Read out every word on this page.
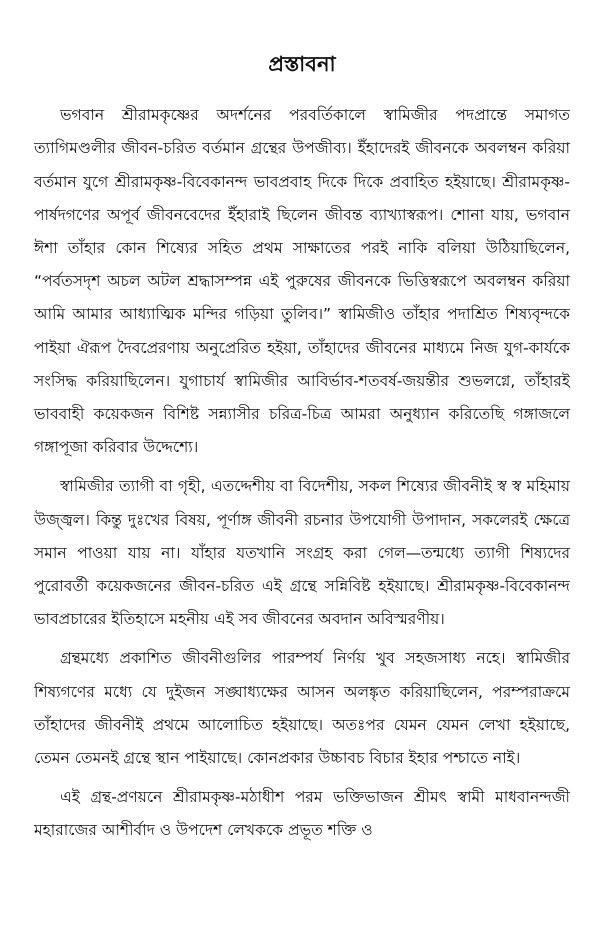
প্রস্তাবনা

ভগবান শ্রীরামকৃষ্ণের অদর্শনের পরবর্তিকালে স্বামিজীর পদপ্রান্তে সমাগত ত্যাগিমণ্ডলীর জীবন-চরিত বর্তমান গ্রন্থের উপজীব্য। ইঁহাদেরই জীবনকে অবলম্বন করিয়া বর্তমান যুগে শ্রীরামকৃষ্ণ-বিবেকানন্দ ভাবপ্রবাহ দিকে দিকে প্রবাহিত হইয়াছে। শ্রীরামকৃষ্ণ-পার্ষদগণের অপূর্ব জীবনবেদের ইঁহারাই ছিলেন জীবন্ত ব্যাখ্যাস্বরূপ। শোনা যায়, ভগবান ঈশা তাঁহার কোন শিষ্যের সহিত প্রথম সাক্ষাতের পরই নাকি বলিয়া উঠিয়াছিলেন, “পর্বতসদৃশ অচল অটল শ্রদ্ধাসম্পন্ন এই পুরুষের জীবনকে ভিত্তিস্বরূপে অবলম্বন করিয়া আমি আমার আধ্যাত্মিক মন্দির গড়িয়া তুলিব।” স্বামিজীও তাঁহার পদাশ্রিত শিষ্যবৃন্দকে পাইয়া ঐরূপ দৈবপ্রেরণায় অনুপ্রেরিত হইয়া, তাঁহাদের জীবনের মাধ্যমে নিজ যুগ-কার্যকে সংসিদ্ধ করিয়াছিলেন। যুগাচার্য স্বামিজীর আবির্ভাব-শতবর্ষ-জয়ন্তীর শুভলগ্নে, তাঁহারই ভাববাহী কয়েকজন বিশিষ্ট সন্ন্যাসীর চরিত্র-চিত্র আমরা অনুধ্যান করিতেছি গঙ্গাজলে গঙ্গাপূজা করিবার উদ্দেশ্যে।

স্বামিজীর ত্যাগী বা গৃহী, এতদ্দেশীয় বা বিদেশীয়, সকল শিষ্যের জীবনীই স্ব স্ব মহিমায় উজ্জ্বল। কিন্তু দুঃখের বিষয়, পূর্ণাঙ্গ জীবনী রচনার উপযোগী উপাদান, সকলেরই ক্ষেত্রে সমান পাওয়া যায় না। যাঁহার যতখানি সংগ্রহ করা গেল—তন্মধ্যে ত্যাগী শিষ্যদের পুরোবর্তী কয়েকজনের জীবন-চরিত এই গ্রন্থে সন্নিবিষ্ট হইয়াছে। শ্রীরামকৃষ্ণ-বিবেকানন্দ ভাবপ্রচারের ইতিহাসে মহনীয় এই সব জীবনের অবদান অবিস্মরণীয়।

গ্রন্থমধ্যে প্রকাশিত জীবনীগুলির পারম্পর্য নির্ণয় খুব সহজসাধ্য নহে। স্বামিজীর শিষ্যগণের মধ্যে যে দুইজন সঙ্ঘাধ্যক্ষের আসন অলঙ্কৃত করিয়াছিলেন, পরম্পরাক্রমে তাঁহাদের জীবনীই প্রথমে আলোচিত হইয়াছে। অতঃপর যেমন যেমন লেখা হইয়াছে, তেমন তেমনই গ্রন্থে স্থান পাইয়াছে। কোনপ্রকার উচ্চাবচ বিচার ইহার পশ্চাতে নাই।

এই গ্রন্থ-প্রণয়নে শ্রীরামকৃষ্ণ-মঠাধীশ পরম ভক্তিভাজন শ্রীমৎ স্বামী মাধবানন্দজী মহারাজের আশীর্বাদ ও উপদেশ লেখককে প্রভূত শক্তি ও
